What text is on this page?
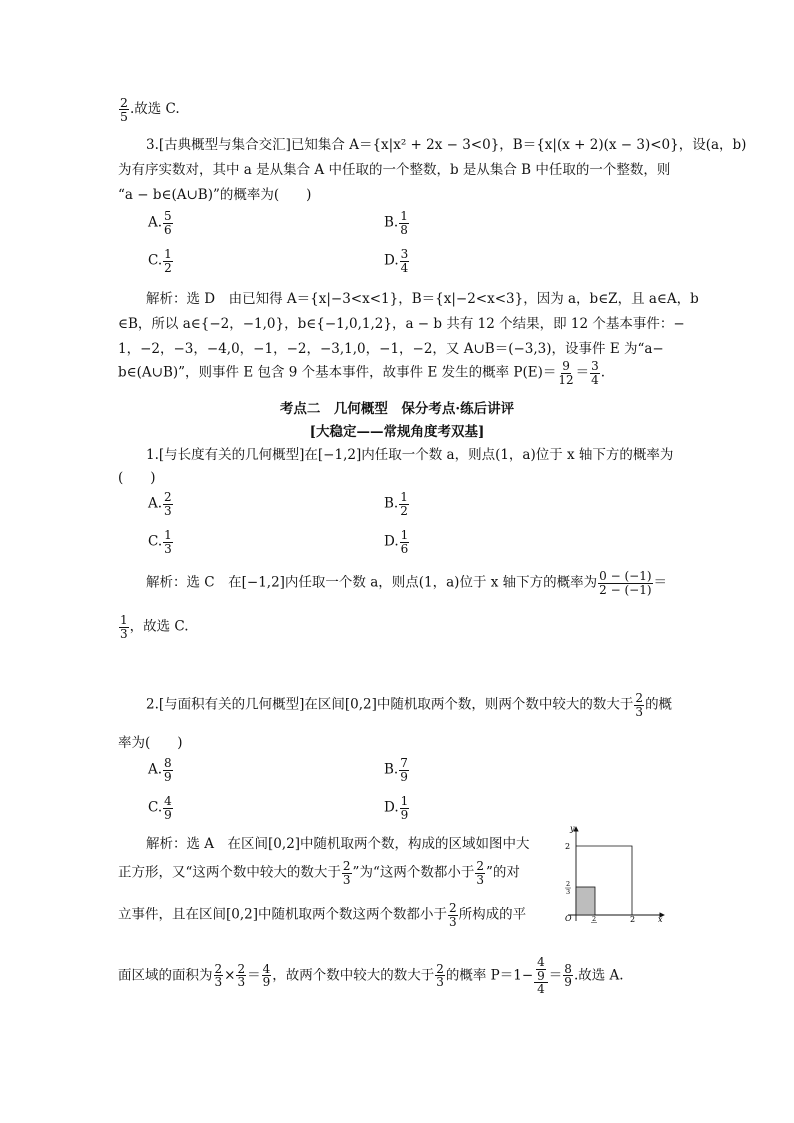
$\frac{2}{5}$ .故选 C.
3.[古典概型与集合交汇]已知集合 A＝{x|x² + 2x − 3<0}，B＝{x|(x + 2)(x − 3)<0}，设(a，b)
为有序实数对，其中 a 是从集合 A 中任取的一个整数，b 是从集合 B 中任取的一个整数，则
“a − b∈(A∪B)”的概率为(　　)
A. $\frac{5}{6}$	B. $\frac{1}{8}$
C. $\frac{1}{2}$	D. $\frac{3}{4}$
解析：选 D　由已知得 A＝{x|−3<x<1}，B＝{x|−2<x<3}，因为 a，b∈Z，且 a∈A，b
∈B，所以 a∈{−2，−1,0}，b∈{−1,0,1,2}，a − b 共有 12 个结果，即 12 个基本事件：−
1，−2，−3，−4,0，−1，−2，−3,1,0，−1，−2，又 A∪B＝(−3,3)，设事件 E 为“a−
b∈(A∪B)”，则事件 E 包含 9 个基本事件，故事件 E 发生的概率 $P(E)= \frac{9}{12} = \frac{3}{4}$ .
考点二　几何概型　保分考点·练后讲评
[大稳定——常规角度考双基]
1.[与长度有关的几何概型]在[−1,2]内任取一个数 a，则点(1，a)位于 x 轴下方的概率为
(　　)
A. $\frac{2}{3}$	B. $\frac{1}{2}$
C. $\frac{1}{3}$	D. $\frac{1}{6}$
解析：选 C　在[−1,2]内任取一个数 a，则点(1，a)位于 x 轴下方的概率为 $\frac{0 - (-1)}{2 - (-1)}$ ＝
$\frac{1}{3}$ ，故选 C.
2.[与面积有关的几何概型]在区间[0,2]中随机取两个数，则两个数中较大的数大于 $\frac{2}{3}$ 的概
率为(　　)
A. $\frac{8}{9}$	B. $\frac{7}{9}$
C. $\frac{4}{9}$	D. $\frac{1}{9}$
解析：选 A　在区间[0,2]中随机取两个数，构成的区域如图中大
正方形，又“这两个数中较大的数大于 $\frac{2}{3}$ ”为“这两个数都小于 $\frac{2}{3}$ ”的对
立事件，且在区间[0,2]中随机取两个数这两个数都小于 $\frac{2}{3}$ 所构成的平
面区域的面积为 $\frac{2}{3} \times \frac{2}{3} = \frac{4}{9}$ ，故两个数中较大的数大于 $\frac{2}{3}$ 的概率 $P=1- \frac{\frac{4}{9}}{4} = \frac{8}{9}$ .故选 A.
y
x
O
2
2
2
3
2
